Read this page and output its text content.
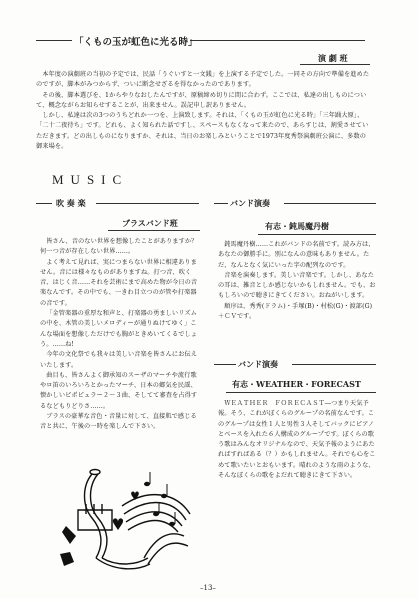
「くもの玉が虹色に光る時」
演 劇 班

本年度の演劇班の当初の予定では、民話「うぐいすと一文銭」を上演する予定でした。一同その方向で準備を進めたのですが、脚本がみつからず、ついに断念せざるを得なかったのであります。

その後、脚本選びを、1からやりなおしたんですが、原稿締め切りに間に合わず。ここでは、私達の出しものについて、概念ながらお知らせすることが、出来ません。誤記申し訳ありません。

しかし、私達は次の3つのうちどれか一つを、上演致します。それは、「くもの玉が虹色に光る時」「三年踊大原」、「二十二夜待ち」です。どれも、よく知られた話ですし、スペースもなくなって来たので、あらすじは、割愛させていただきます。どの出しものになりますか、それは、当日のお楽しみということで1973年度秀祭演劇班公演に、多数の御来場を。

MUSIC
吹 奏 楽
ブラスバンド班

皆さん、音のない世界を想像したことがありますか？　何一つ音が存在しない世界……。

よく考えて見れば、実につまらない世界に相違ありません。音には様々なものがありますね。打つ音、吹く音、はじく音……それを芸術にまで高めた物が今日の音楽なんです。その中でも、一きわ目立つのが管や打楽器の音です。

「金管楽器の重厚な和声と、打楽器の勇ましいリズムの中を、木管の美しいメロディーが通りぬけてゆく」こんな場面を想像しただけでも胸がときめいてくるでしょう。……ね!

今年の文化祭でも我々は美しい音楽を皆さんにお伝えいたします。

曲目も、皆さんよく御承知のスーザのマーチや流行歌やロ笛のいろいろとかったマーチ、日本の郷気を民謡、懐かしいピポピュラー２～３曲、そしてて審査を占得するなどもりどりさ……。

ブラスの豪華な音色・音量に対して、直接肌で感じる音と共に、午後の一時を楽しんで下さい。

バンド演奏
有志・鈍馬魔丹樹

鈍馬魔丹樹……これがバンドの名前です。読み方は、あなたの御勝手に。別になんの意味もありません。ただ、なんとなく気にいった字の配列なのです。

音楽を演奏します。美しい音楽です。しかし、あなたの耳は、雑音としか感じないかもしれません。でも、おもしろいので聴きにきてください。おねがいします。

順序は、秀秀(ドラム)・手塚(B)・村松(G)・渡部(G)＋ＣＶです。

バンド演奏
有志・WEATHER・FORECAST

ＷＥＡＴＨＥＲ　ＦＯＲＥＣＡＳＴ―つまり天気予報。そう、これがぼくらのグループの名前なんです。このグループは女性１人と男性３人そしてバックにピアノとベースを入れた６人構成のグループです。ぼくらの歌う歌はみんなオリジナルなので、天気予報のようにあたればすればある（？）かもしれません。それでも心をこめて歌いたいとおもいます。晴れのような雨のような、そんなぼくらの歌をよだれて聴きにきて下さい。

–13–
